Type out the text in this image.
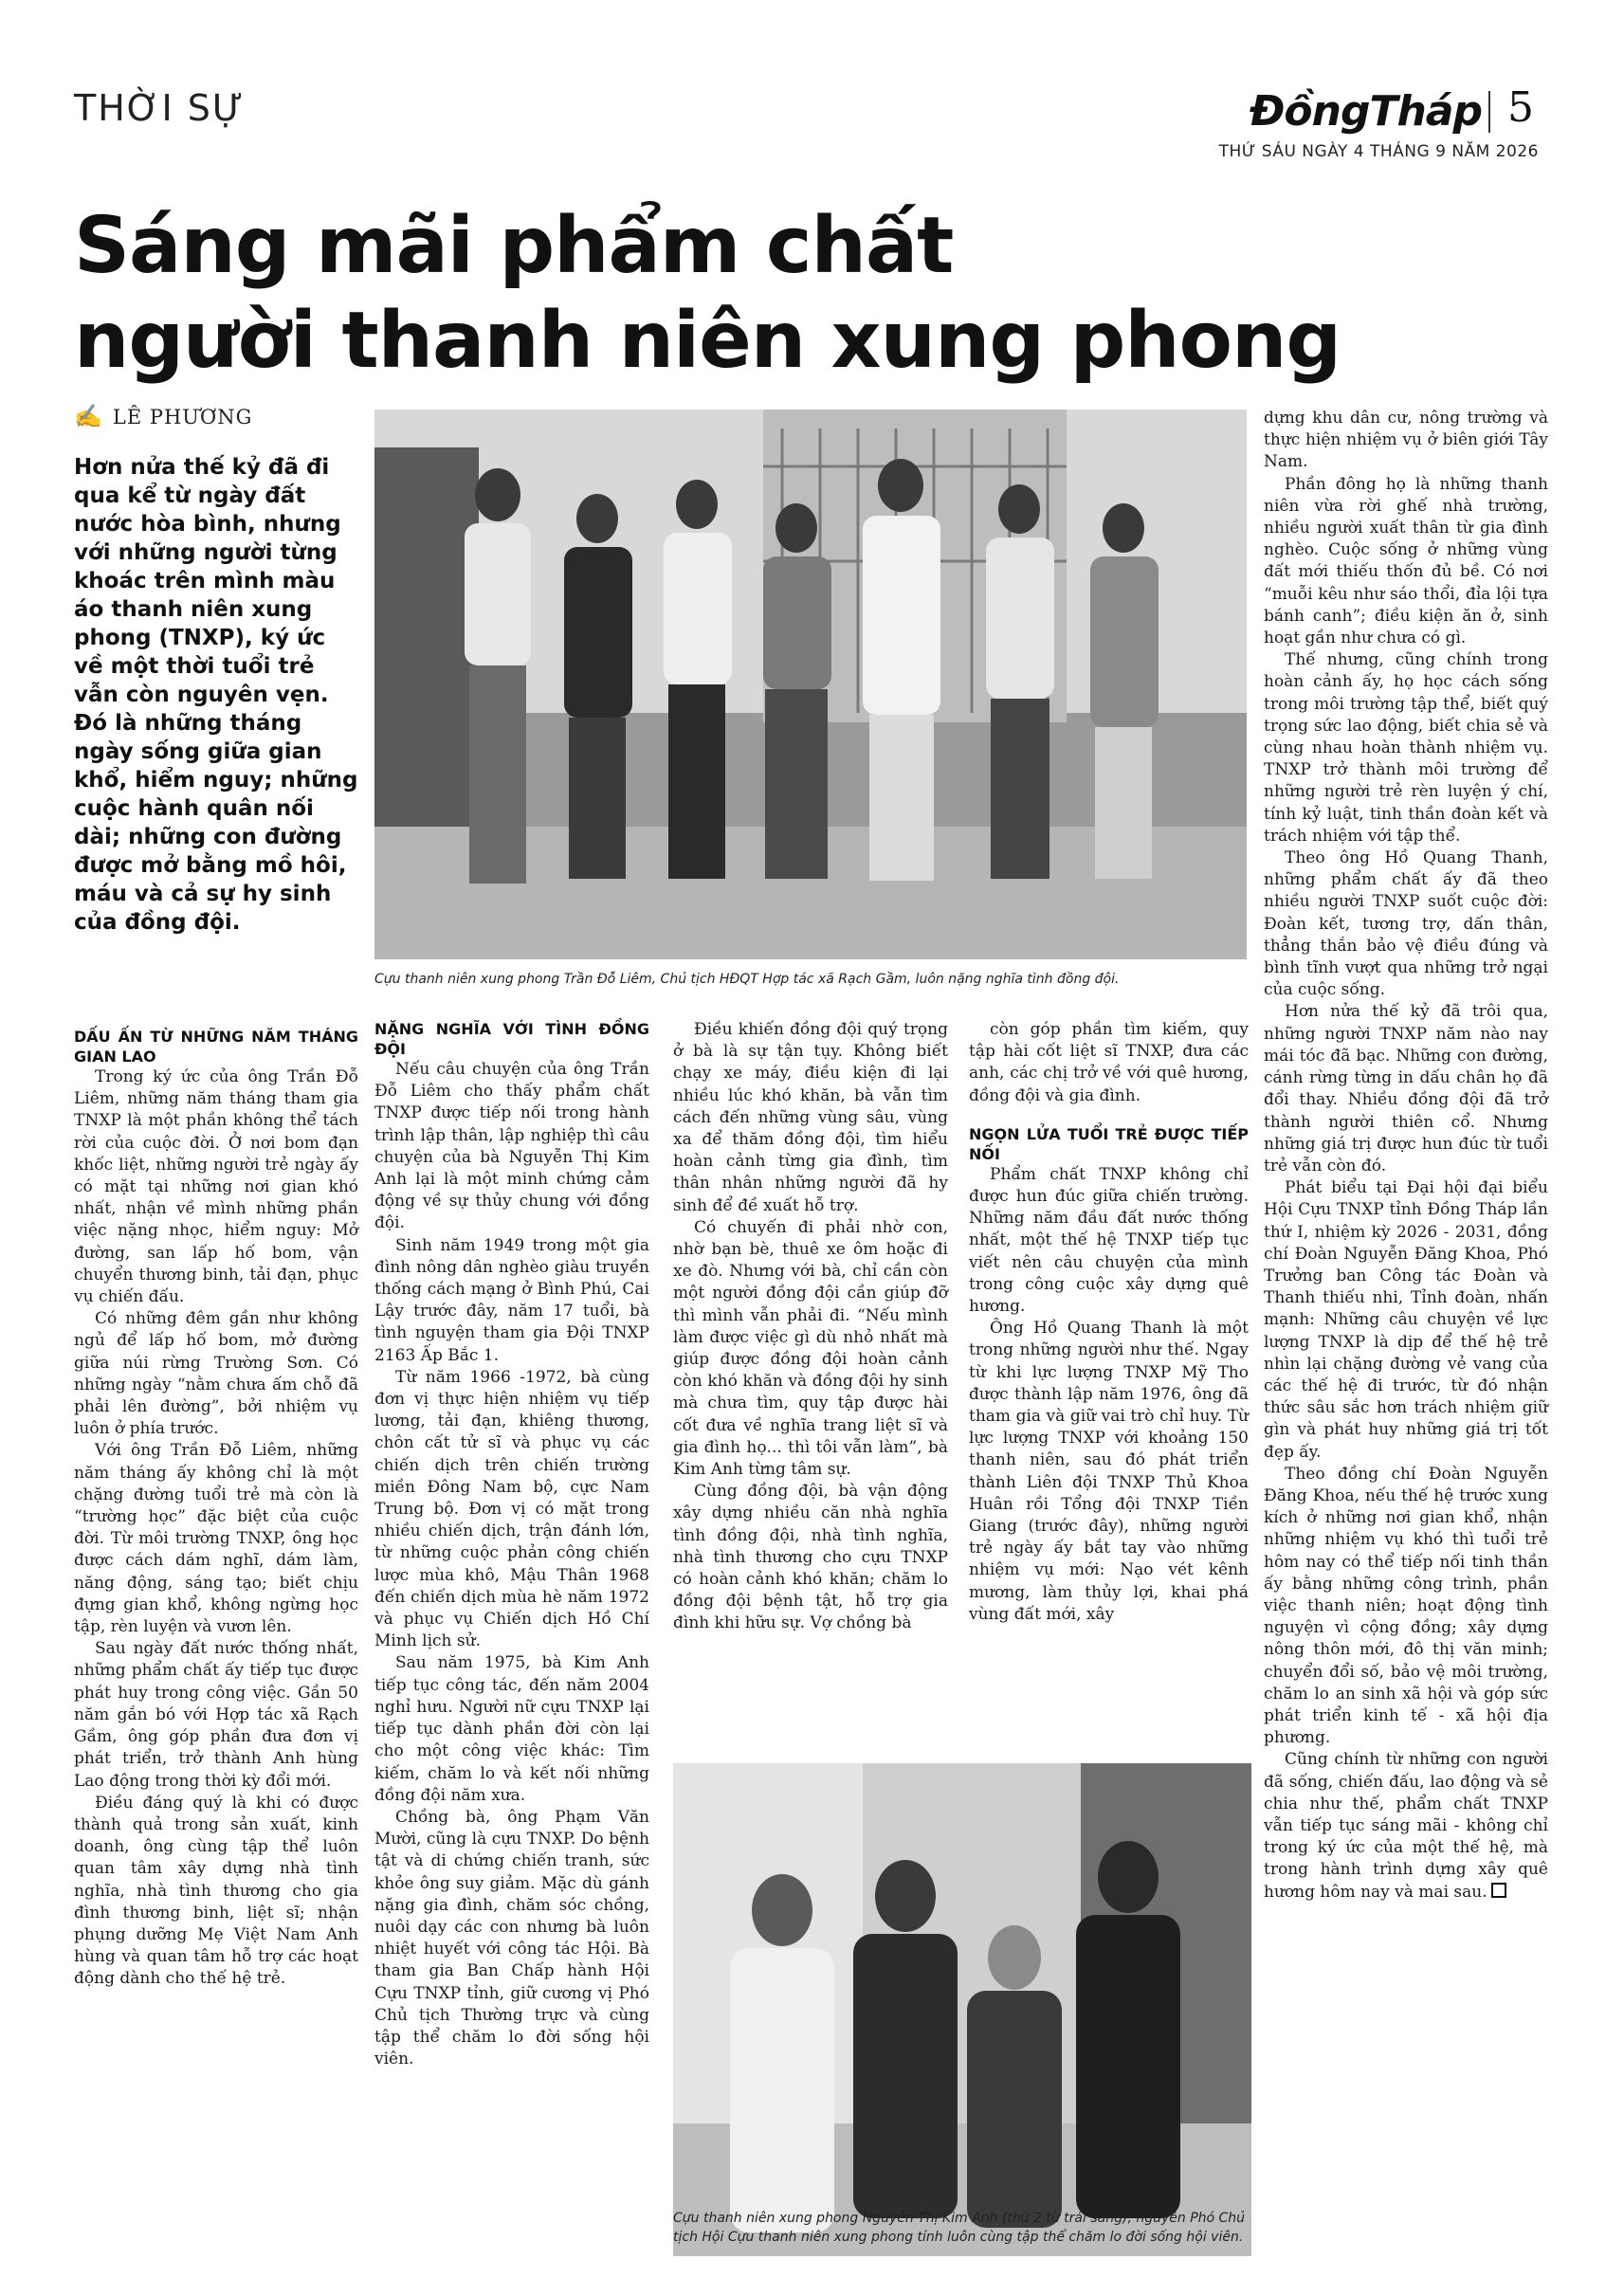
THỜI SỰ	ĐồngTháp 5
THỨ SÁU NGÀY 4 THÁNG 9 NĂM 2026
Sáng mãi phẩm chất
người thanh niên xung phong
✍ LÊ PHƯƠNG
Hơn nửa thế kỷ đã đi qua kể từ ngày đất nước hòa bình, nhưng với những người từng khoác trên mình màu áo thanh niên xung phong (TNXP), ký ức về một thời tuổi trẻ vẫn còn nguyên vẹn. Đó là những tháng ngày sống giữa gian khổ, hiểm nguy; những cuộc hành quân nối dài; những con đường được mở bằng mồ hôi, máu và cả sự hy sinh của đồng đội.
Cựu thanh niên xung phong Trần Đỗ Liêm, Chủ tịch HĐQT Hợp tác xã Rạch Gầm, luôn nặng nghĩa tình đồng đội.

DẤU ẤN TỪ NHỮNG NĂM THÁNG GIAN LAO

Trong ký ức của ông Trần Đỗ Liêm, những năm tháng tham gia TNXP là một phần không thể tách rời của cuộc đời. Ở nơi bom đạn khốc liệt, những người trẻ ngày ấy có mặt tại những nơi gian khó nhất, nhận về mình những phần việc nặng nhọc, hiểm nguy: Mở đường, san lấp hố bom, vận chuyển thương binh, tải đạn, phục vụ chiến đấu.

Có những đêm gần như không ngủ để lấp hố bom, mở đường giữa núi rừng Trường Sơn. Có những ngày “nằm chưa ấm chỗ đã phải lên đường”, bởi nhiệm vụ luôn ở phía trước.

Với ông Trần Đỗ Liêm, những năm tháng ấy không chỉ là một chặng đường tuổi trẻ mà còn là “trường học” đặc biệt của cuộc đời. Từ môi trường TNXP, ông học được cách dám nghĩ, dám làm, năng động, sáng tạo; biết chịu đựng gian khổ, không ngừng học tập, rèn luyện và vươn lên.

Sau ngày đất nước thống nhất, những phẩm chất ấy tiếp tục được phát huy trong công việc. Gần 50 năm gắn bó với Hợp tác xã Rạch Gầm, ông góp phần đưa đơn vị phát triển, trở thành Anh hùng Lao động trong thời kỳ đổi mới.

Điều đáng quý là khi có được thành quả trong sản xuất, kinh doanh, ông cùng tập thể luôn quan tâm xây dựng nhà tình nghĩa, nhà tình thương cho gia đình thương binh, liệt sĩ; nhận phụng dưỡng Mẹ Việt Nam Anh hùng và quan tâm hỗ trợ các hoạt động dành cho thế hệ trẻ.

NẶNG NGHĨA VỚI TÌNH ĐỒNG ĐỘI

Nếu câu chuyện của ông Trần Đỗ Liêm cho thấy phẩm chất TNXP được tiếp nối trong hành trình lập thân, lập nghiệp thì câu chuyện của bà Nguyễn Thị Kim Anh lại là một minh chứng cảm động về sự thủy chung với đồng đội.

Sinh năm 1949 trong một gia đình nông dân nghèo giàu truyền thống cách mạng ở Bình Phú, Cai Lậy trước đây, năm 17 tuổi, bà tình nguyện tham gia Đội TNXP 2163 Ấp Bắc 1.

Từ năm 1966 -1972, bà cùng đơn vị thực hiện nhiệm vụ tiếp lương, tải đạn, khiêng thương, chôn cất tử sĩ và phục vụ các chiến dịch trên chiến trường miền Đông Nam bộ, cực Nam Trung bộ. Đơn vị có mặt trong nhiều chiến dịch, trận đánh lớn, từ những cuộc phản công chiến lược mùa khô, Mậu Thân 1968 đến chiến dịch mùa hè năm 1972 và phục vụ Chiến dịch Hồ Chí Minh lịch sử.

Sau năm 1975, bà Kim Anh tiếp tục công tác, đến năm 2004 nghỉ hưu. Người nữ cựu TNXP lại tiếp tục dành phần đời còn lại cho một công việc khác: Tìm kiếm, chăm lo và kết nối những đồng đội năm xưa.

Chồng bà, ông Phạm Văn Mười, cũng là cựu TNXP. Do bệnh tật và di chứng chiến tranh, sức khỏe ông suy giảm. Mặc dù gánh nặng gia đình, chăm sóc chồng, nuôi dạy các con nhưng bà luôn nhiệt huyết với công tác Hội. Bà tham gia Ban Chấp hành Hội Cựu TNXP tỉnh, giữ cương vị Phó Chủ tịch Thường trực và cùng tập thể chăm lo đời sống hội viên.

Điều khiến đồng đội quý trọng ở bà là sự tận tụy. Không biết chạy xe máy, điều kiện đi lại nhiều lúc khó khăn, bà vẫn tìm cách đến những vùng sâu, vùng xa để thăm đồng đội, tìm hiểu hoàn cảnh từng gia đình, tìm thân nhân những người đã hy sinh để đề xuất hỗ trợ.

Có chuyến đi phải nhờ con, nhờ bạn bè, thuê xe ôm hoặc đi xe đò. Nhưng với bà, chỉ cần còn một người đồng đội cần giúp đỡ thì mình vẫn phải đi. “Nếu mình làm được việc gì dù nhỏ nhất mà giúp được đồng đội hoàn cảnh còn khó khăn và đồng đội hy sinh mà chưa tìm, quy tập được hài cốt đưa về nghĩa trang liệt sĩ và gia đình họ... thì tôi vẫn làm”, bà Kim Anh từng tâm sự.

Cùng đồng đội, bà vận động xây dựng nhiều căn nhà nghĩa tình đồng đội, nhà tình nghĩa, nhà tình thương cho cựu TNXP có hoàn cảnh khó khăn; chăm lo đồng đội bệnh tật, hỗ trợ gia đình khi hữu sự. Vợ chồng bà

còn góp phần tìm kiếm, quy tập hài cốt liệt sĩ TNXP, đưa các anh, các chị trở về với quê hương, đồng đội và gia đình.

NGỌN LỬA TUỔI TRẺ ĐƯỢC TIẾP NỐI

Phẩm chất TNXP không chỉ được hun đúc giữa chiến trường. Những năm đầu đất nước thống nhất, một thế hệ TNXP tiếp tục viết nên câu chuyện của mình trong công cuộc xây dựng quê hương.

Ông Hồ Quang Thanh là một trong những người như thế. Ngay từ khi lực lượng TNXP Mỹ Tho được thành lập năm 1976, ông đã tham gia và giữ vai trò chỉ huy. Từ lực lượng TNXP với khoảng 150 thanh niên, sau đó phát triển thành Liên đội TNXP Thủ Khoa Huân rồi Tổng đội TNXP Tiền Giang (trước đây), những người trẻ ngày ấy bắt tay vào những nhiệm vụ mới: Nạo vét kênh mương, làm thủy lợi, khai phá vùng đất mới, xây

Cựu thanh niên xung phong Nguyễn Thị Kim Anh (thứ 2 từ trái sang), nguyên Phó Chủ tịch Hội Cựu thanh niên xung phong tỉnh luôn cùng tập thể chăm lo đời sống hội viên.

dựng khu dân cư, nông trường và thực hiện nhiệm vụ ở biên giới Tây Nam.

Phần đông họ là những thanh niên vừa rời ghế nhà trường, nhiều người xuất thân từ gia đình nghèo. Cuộc sống ở những vùng đất mới thiếu thốn đủ bề. Có nơi “muỗi kêu như sáo thổi, đỉa lội tựa bánh canh”; điều kiện ăn ở, sinh hoạt gần như chưa có gì.

Thế nhưng, cũng chính trong hoàn cảnh ấy, họ học cách sống trong môi trường tập thể, biết quý trọng sức lao động, biết chia sẻ và cùng nhau hoàn thành nhiệm vụ. TNXP trở thành môi trường để những người trẻ rèn luyện ý chí, tính kỷ luật, tinh thần đoàn kết và trách nhiệm với tập thể.

Theo ông Hồ Quang Thanh, những phẩm chất ấy đã theo nhiều người TNXP suốt cuộc đời: Đoàn kết, tương trợ, dấn thân, thẳng thắn bảo vệ điều đúng và bình tĩnh vượt qua những trở ngại của cuộc sống.

Hơn nửa thế kỷ đã trôi qua, những người TNXP năm nào nay mái tóc đã bạc. Những con đường, cánh rừng từng in dấu chân họ đã đổi thay. Nhiều đồng đội đã trở thành người thiên cổ. Nhưng những giá trị được hun đúc từ tuổi trẻ vẫn còn đó.

Phát biểu tại Đại hội đại biểu Hội Cựu TNXP tỉnh Đồng Tháp lần thứ I, nhiệm kỳ 2026 - 2031, đồng chí Đoàn Nguyễn Đăng Khoa, Phó Trưởng ban Công tác Đoàn và Thanh thiếu nhi, Tỉnh đoàn, nhấn mạnh: Những câu chuyện về lực lượng TNXP là dịp để thế hệ trẻ nhìn lại chặng đường vẻ vang của các thế hệ đi trước, từ đó nhận thức sâu sắc hơn trách nhiệm giữ gìn và phát huy những giá trị tốt đẹp ấy.

Theo đồng chí Đoàn Nguyễn Đăng Khoa, nếu thế hệ trước xung kích ở những nơi gian khổ, nhận những nhiệm vụ khó thì tuổi trẻ hôm nay có thể tiếp nối tinh thần ấy bằng những công trình, phần việc thanh niên; hoạt động tình nguyện vì cộng đồng; xây dựng nông thôn mới, đô thị văn minh; chuyển đổi số, bảo vệ môi trường, chăm lo an sinh xã hội và góp sức phát triển kinh tế - xã hội địa phương.

Cũng chính từ những con người đã sống, chiến đấu, lao động và sẻ chia như thế, phẩm chất TNXP vẫn tiếp tục sáng mãi - không chỉ trong ký ức của một thế hệ, mà trong hành trình dựng xây quê hương hôm nay và mai sau.
